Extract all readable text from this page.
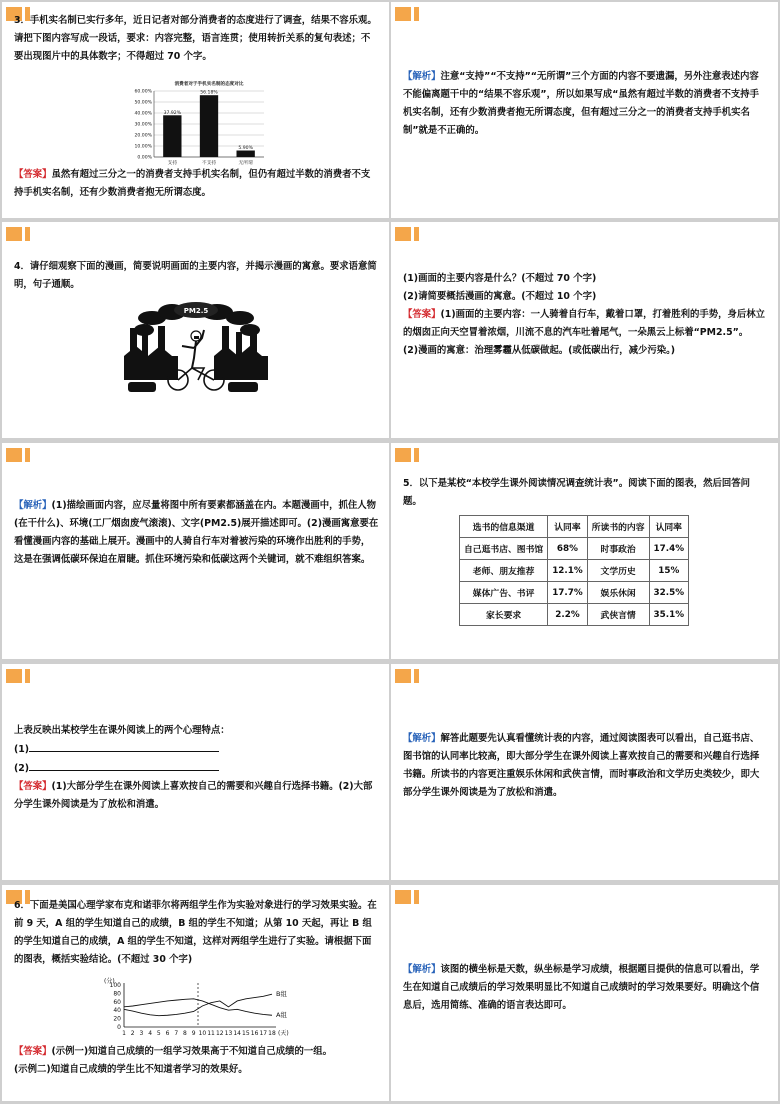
3．手机实名制已实行多年，近日记者对部分消费者的态度进行了调查，结果不容乐观。请把下图内容写成一段话，要求：内容完整，语言连贯；使用转折关系的复句表述；不要出现图片中的具体数字；不得超过 70 个字。

消费者对于手机实名制的态度对比
0.00%
10.00%
20.00%
30.00%
40.00%
50.00%
60.00%
37.92%
支持
56.18%
不支持
5.90%
无所谓

【答案】虽然有超过三分之一的消费者支持手机实名制，但仍有超过半数的消费者不支持手机实名制，还有少数消费者抱无所谓态度。

【解析】注意“支持”“不支持”“无所谓”三个方面的内容不要遗漏，另外注意表述内容不能偏离题干中的“结果不容乐观”，所以如果写成“虽然有超过半数的消费者不支持手机实名制，还有少数消费者抱无所谓态度，但有超过三分之一的消费者支持手机实名制”就是不正确的。

4．请仔细观察下面的漫画，简要说明画面的主要内容，并揭示漫画的寓意。要求语意简明，句子通顺。

PM2.5

(1)画面的主要内容是什么？(不超过 70 个字)

(2)请简要概括漫画的寓意。(不超过 10 个字)

【答案】(1)画面的主要内容：一人骑着自行车，戴着口罩，打着胜利的手势，身后林立的烟囱正向天空冒着浓烟，川流不息的汽车吐着尾气，一朵黑云上标着“PM2.5”。

(2)漫画的寓意：治理雾霾从低碳做起。(或低碳出行，减少污染。)

【解析】(1)描绘画面内容，应尽量将图中所有要素都涵盖在内。本题漫画中，抓住人物(在干什么)、环境(工厂烟囱废气滚滚)、文字(PM2.5)展开描述即可。(2)漫画寓意要在看懂漫画内容的基础上展开。漫画中的人骑自行车对着被污染的环境作出胜利的手势，这是在强调低碳环保迫在眉睫。抓住环境污染和低碳这两个关键词，就不难组织答案。

5．以下是某校“本校学生课外阅读情况调查统计表”。阅读下面的图表，然后回答问题。

选书的信息渠道	认同率	所读书的内容	认同率
自己逛书店、图书馆	68%	时事政治	17.4%
老师、朋友推荐	12.1%	文学历史	15%
媒体广告、书评	17.7%	娱乐休闲	32.5%
家长要求	2.2%	武侠言情	35.1%

上表反映出某校学生在课外阅读上的两个心理特点：

(1)

(2)

【答案】(1)大部分学生在课外阅读上喜欢按自己的需要和兴趣自行选择书籍。(2)大部分学生课外阅读是为了放松和消遣。

【解析】解答此题要先认真看懂统计表的内容，通过阅读图表可以看出，自己逛书店、图书馆的认同率比较高，即大部分学生在课外阅读上喜欢按自己的需要和兴趣自行选择书籍。所读书的内容更注重娱乐休闲和武侠言情，而时事政治和文学历史类较少，即大部分学生课外阅读是为了放松和消遣。

6．下面是美国心理学家布克和诺菲尔将两组学生作为实验对象进行的学习效果实验。在前 9 天，A 组的学生知道自己的成绩，B 组的学生不知道；从第 10 天起，再让 B 组的学生知道自己的成绩，A 组的学生不知道，这样对两组学生进行了实验。请根据下面的图表，概括实验结论。(不超过 30 个字)

(分)
0
20
40
60
80
100
1 2 3 4 5 6 7 8 9 10 11 12 13 14 15 16 17 18 (天)
A组
B组

【答案】(示例一)知道自己成绩的一组学习效果高于不知道自己成绩的一组。

(示例二)知道自己成绩的学生比不知道者学习的效果好。

【解析】该图的横坐标是天数，纵坐标是学习成绩，根据题目提供的信息可以看出，学生在知道自己成绩后的学习效果明显比不知道自己成绩时的学习效果要好。明确这个信息后，选用简练、准确的语言表达即可。
